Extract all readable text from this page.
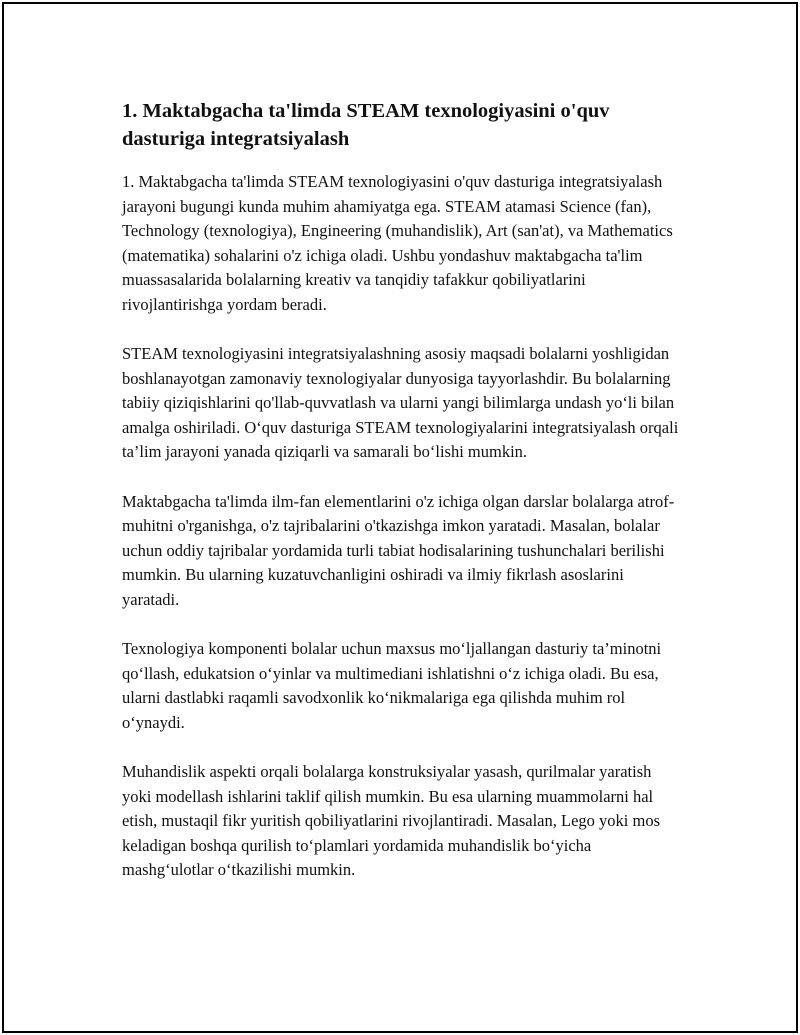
1. Maktabgacha ta'limda STEAM texnologiyasini o'quv dasturiga integratsiyalash

1. Maktabgacha ta'limda STEAM texnologiyasini o'quv dasturiga integratsiyalash jarayoni bugungi kunda muhim ahamiyatga ega. STEAM atamasi Science (fan), Technology (texnologiya), Engineering (muhandislik), Art (san'at), va Mathematics (matematika) sohalarini o'z ichiga oladi. Ushbu yondashuv maktabgacha ta'lim muassasalarida bolalarning kreativ va tanqidiy tafakkur qobiliyatlarini rivojlantirishga yordam beradi.

STEAM texnologiyasini integratsiyalashning asosiy maqsadi bolalarni yoshligidan boshlanayotgan zamonaviy texnologiyalar dunyosiga tayyorlashdir. Bu bolalarning tabiiy qiziqishlarini qo'llab-quvvatlash va ularni yangi bilimlarga undash yo‘li bilan amalga oshiriladi. O‘quv dasturiga STEAM texnologiyalarini integratsiyalash orqali ta’lim jarayoni yanada qiziqarli va samarali bo‘lishi mumkin.

Maktabgacha ta'limda ilm-fan elementlarini o'z ichiga olgan darslar bolalarga atrof-muhitni o'rganishga, o'z tajribalarini o'tkazishga imkon yaratadi. Masalan, bolalar uchun oddiy tajribalar yordamida turli tabiat hodisalarining tushunchalari berilishi mumkin. Bu ularning kuzatuvchanligini oshiradi va ilmiy fikrlash asoslarini yaratadi.

Texnologiya komponenti bolalar uchun maxsus mo‘ljallangan dasturiy ta’minotni qo‘llash, edukatsion o‘yinlar va multimediani ishlatishni o‘z ichiga oladi. Bu esa, ularni dastlabki raqamli savodxonlik ko‘nikmalariga ega qilishda muhim rol o‘ynaydi.

Muhandislik aspekti orqali bolalarga konstruksiyalar yasash, qurilmalar yaratish yoki modellash ishlarini taklif qilish mumkin. Bu esa ularning muammolarni hal etish, mustaqil fikr yuritish qobiliyatlarini rivojlantiradi. Masalan, Lego yoki mos keladigan boshqa qurilish to‘plamlari yordamida muhandislik bo‘yicha mashg‘ulotlar o‘tkazilishi mumkin.
